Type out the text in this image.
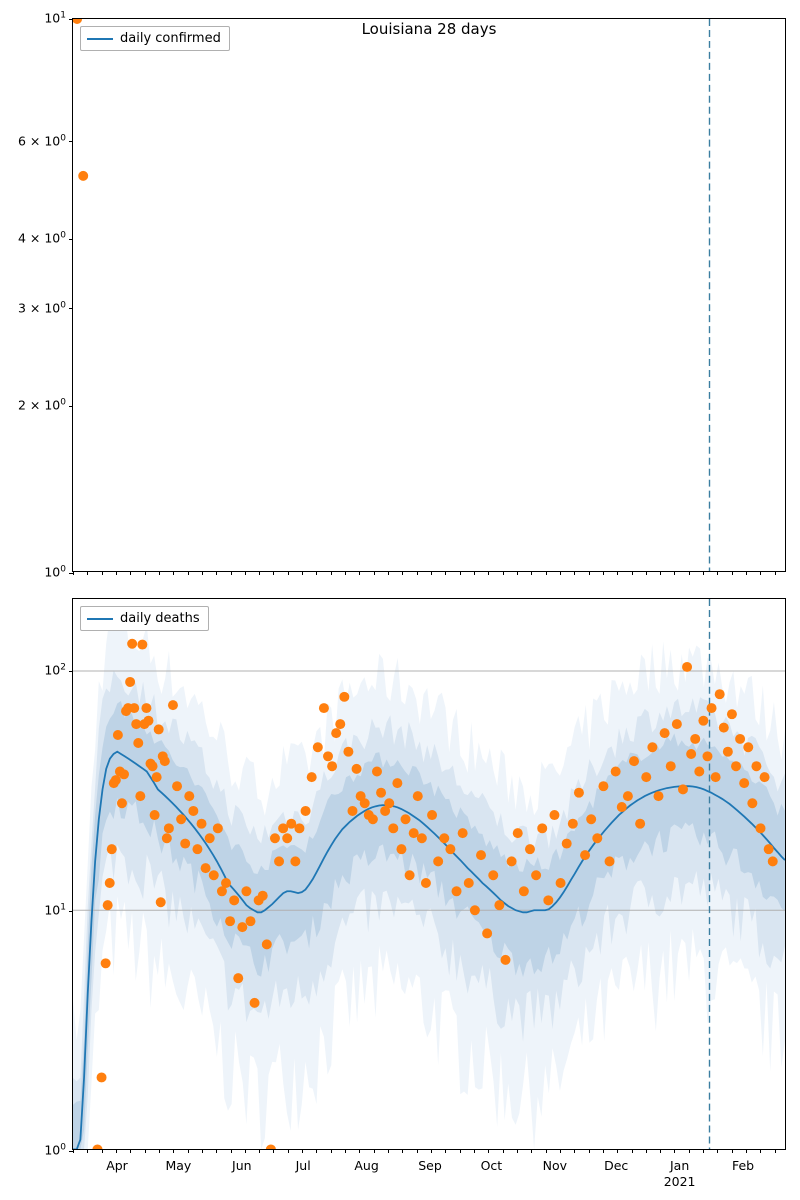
$10^0$
$2 \times 10^0$
$3 \times 10^0$
$4 \times 10^0$
$6 \times 10^0$
$10^1$
Louisiana 28 days
daily confirmed
$10^0$
$10^1$
$10^2$
daily deaths
Apr	May	Jun	Jul	Aug	Sep	Oct	Nov	Dec	Jan
2021
Feb
